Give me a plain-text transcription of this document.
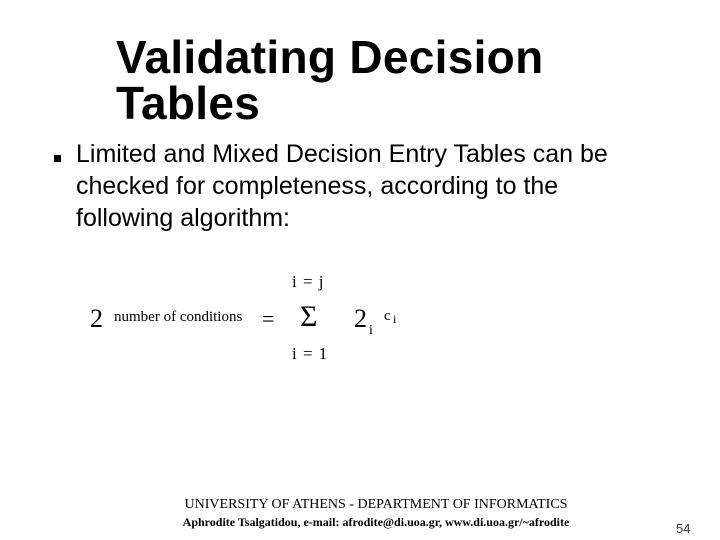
Validating Decision Tables
Limited and Mixed Decision Entry Tables can be checked for completeness, according to the following algorithm:
2 number of conditions =
i = j
Σ
i = 1
2 i
c i
UNIVERSITY OF ATHENS - DEPARTMENT OF INFORMATICS
Aphrodite Tsalgatidou, e-mail: afrodite@di.uoa.gr, www.di.uoa.gr/~afrodite	54
